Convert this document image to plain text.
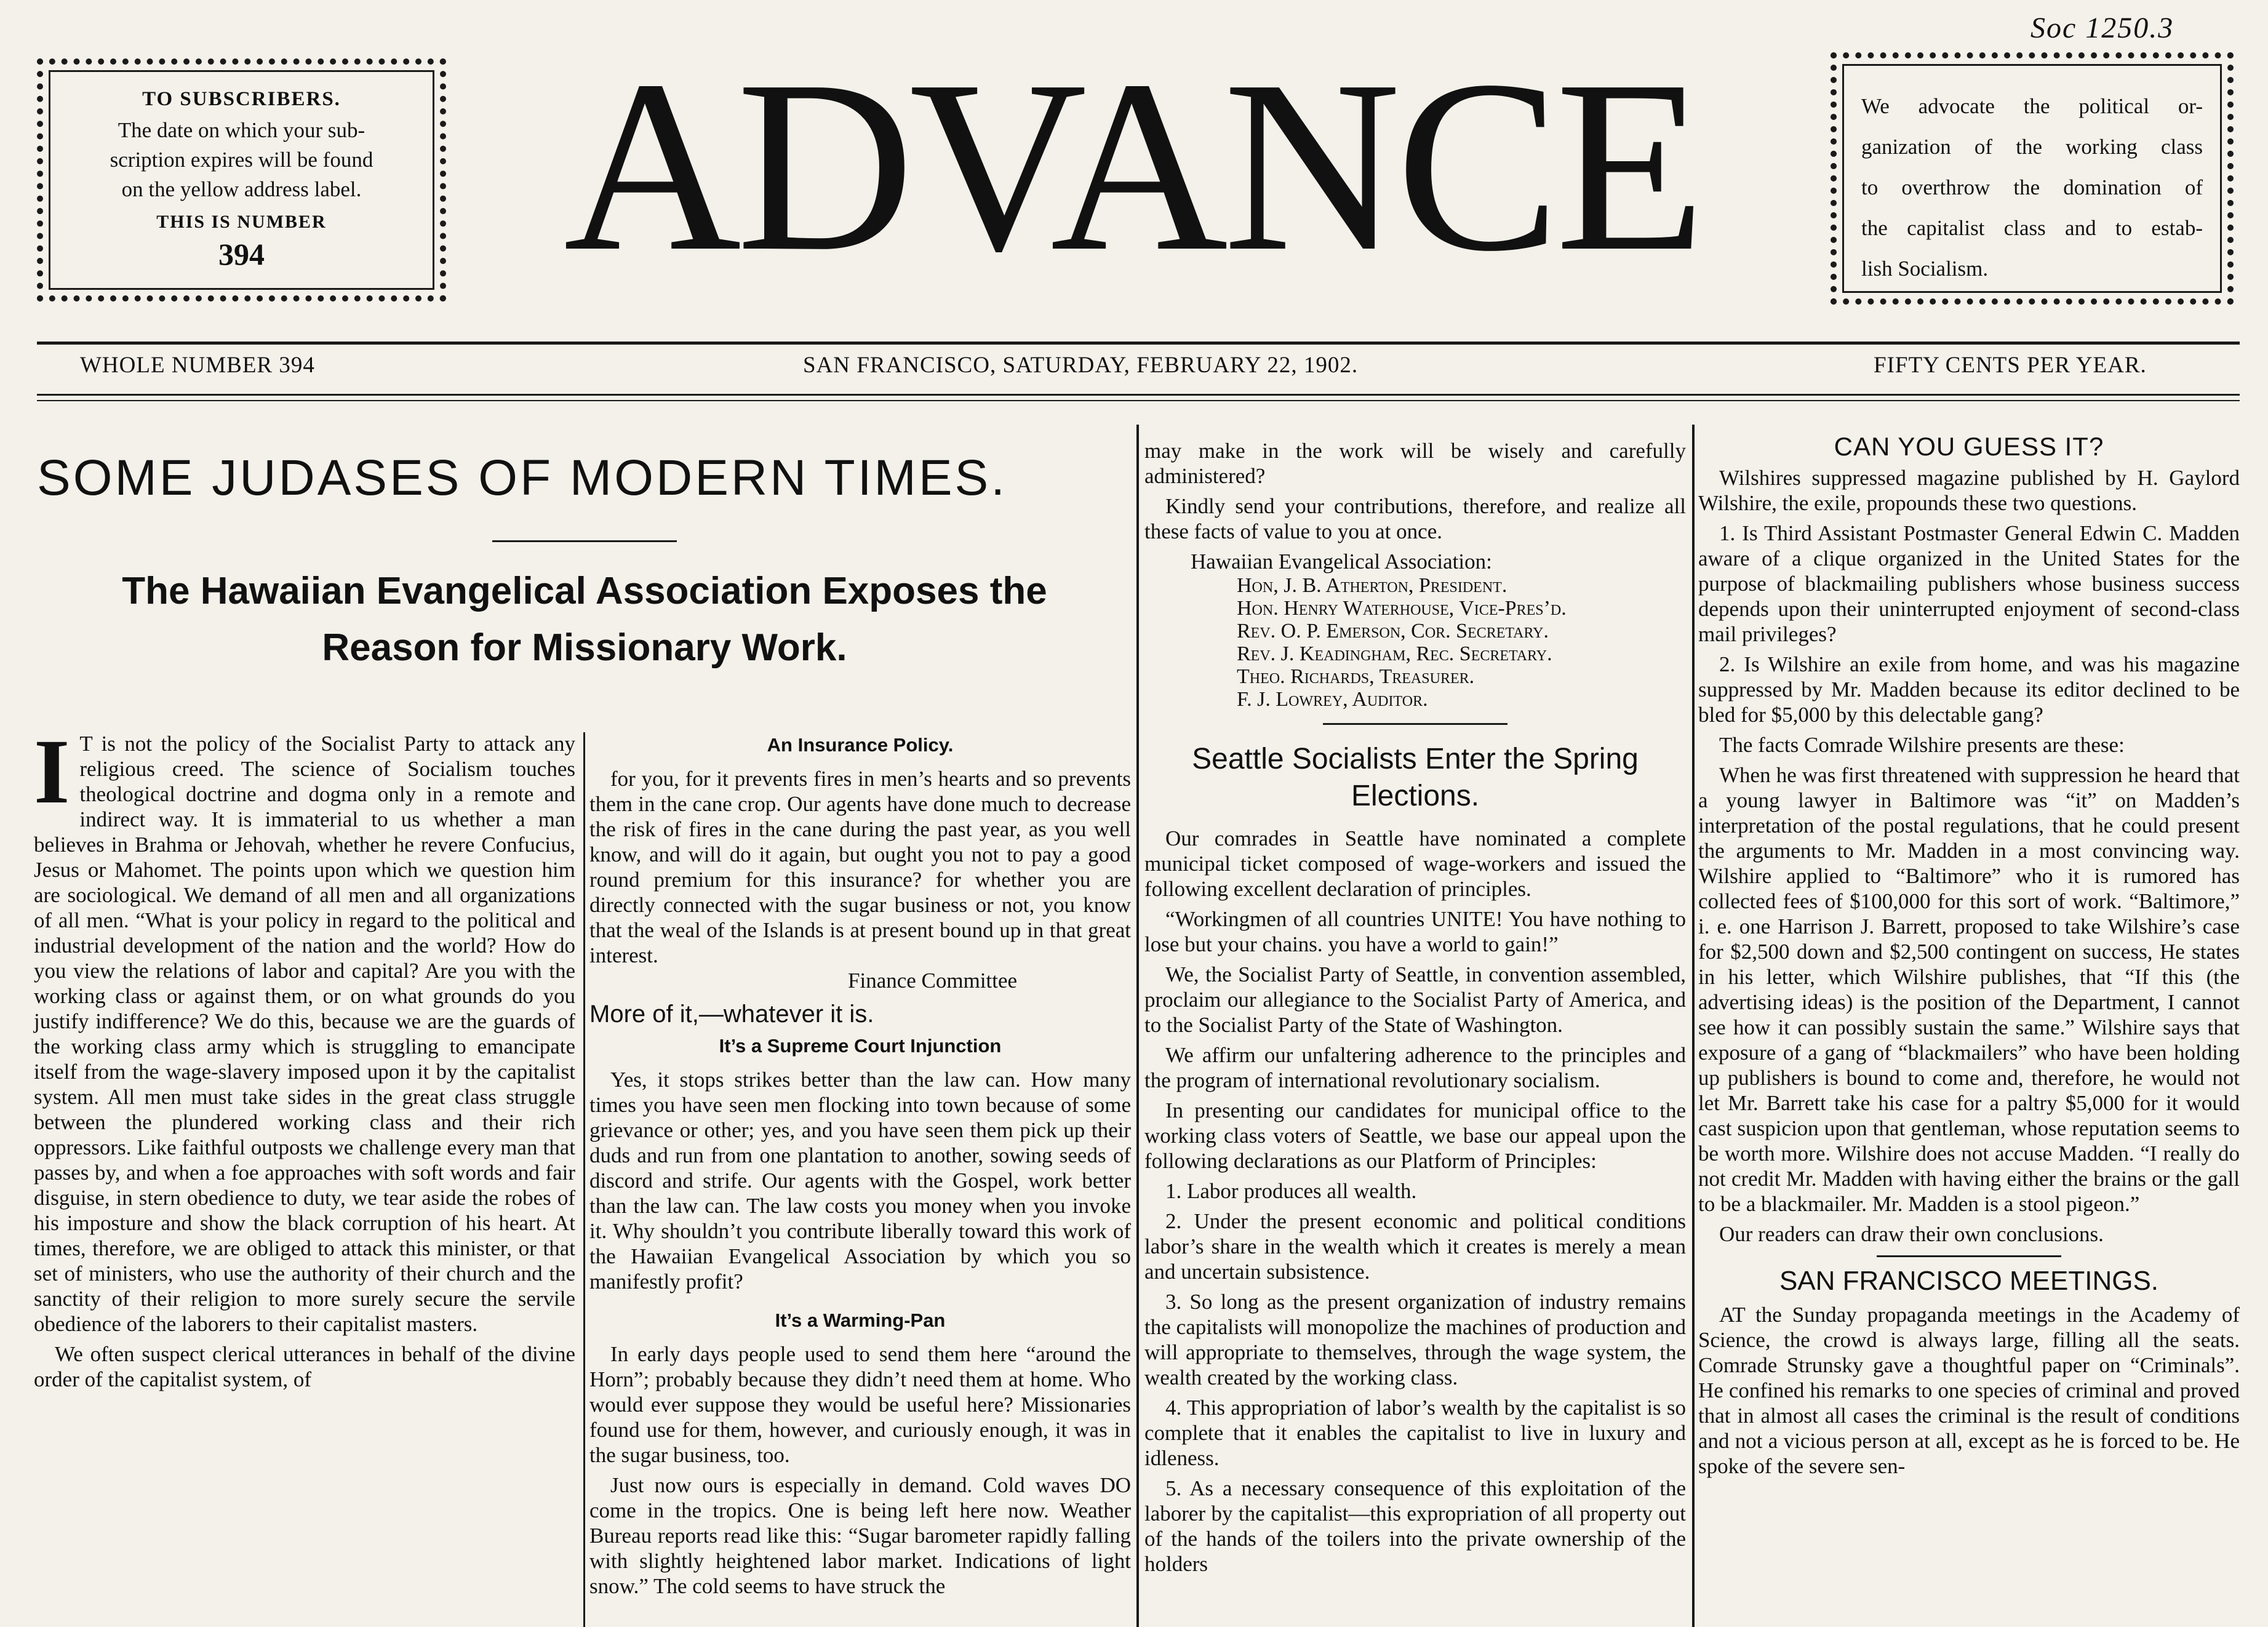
Soc 1250.3
TO SUBSCRIBERS.
The date on which your sub-
scription expires will be found
on the yellow address label.
THIS IS NUMBER
394	ADVANCE	We advocate the political or-
ganization of the working class
to overthrow the domination of
the capitalist class and to estab-
lish Socialism.
WHOLE NUMBER 394	SAN FRANCISCO, SATURDAY, FEBRUARY 22, 1902.	FIFTY CENTS PER YEAR.
SOME JUDASES OF MODERN TIMES.
The Hawaiian Evangelical Association Exposes the
Reason for Missionary Work.
I T is not the policy of the Socialist Party to attack any religious creed. The science of Socialism touches theological doctrine and dogma only in a remote and indirect way. It is immaterial to us whether a man believes in Brahma or Jehovah, whether he revere Confucius, Jesus or Mahomet. The points upon which we question him are sociological. We demand of all men and all organizations of all men. “What is your policy in regard to the political and industrial development of the nation and the world? How do you view the relations of labor and capital? Are you with the working class or against them, or on what grounds do you justify indifference? We do this, because we are the guards of the working class army which is struggling to emancipate itself from the wage-slavery imposed upon it by the capitalist system. All men must take sides in the great class struggle between the plundered working class and their rich oppressors. Like faithful outposts we challenge every man that passes by, and when a foe approaches with soft words and fair disguise, in stern obedience to duty, we tear aside the robes of his imposture and show the black corruption of his heart. At times, therefore, we are obliged to attack this minister, or that set of ministers, who use the authority of their church and the sanctity of their religion to more surely secure the servile obedience of the laborers to their capitalist masters.

We often suspect clerical utterances in behalf of the divine order of the capitalist system, of

An Insurance Policy.

for you, for it prevents fires in men’s hearts and so prevents them in the cane crop. Our agents have done much to decrease the risk of fires in the cane during the past year, as you well know, and will do it again, but ought you not to pay a good round premium for this insurance? for whether you are directly connected with the sugar business or not, you know that the weal of the Islands is at present bound up in that great interest.

Finance Committee
More of it,—whatever it is.
It’s a Supreme Court Injunction

Yes, it stops strikes better than the law can. How many times you have seen men flocking into town because of some grievance or other; yes, and you have seen them pick up their duds and run from one plantation to another, sowing seeds of discord and strife. Our agents with the Gospel, work better than the law can. The law costs you money when you invoke it. Why shouldn’t you contribute liberally toward this work of the Hawaiian Evangelical Association by which you so manifestly profit?

It’s a Warming-Pan

In early days people used to send them here “around the Horn”; probably because they didn’t need them at home. Who would ever suppose they would be useful here? Missionaries found use for them, however, and curiously enough, it was in the sugar business, too.

Just now ours is especially in demand. Cold waves DO come in the tropics. One is being left here now. Weather Bureau reports read like this: “Sugar barometer rapidly falling with slightly heightened labor market. Indications of light snow.” The cold seems to have struck the

may make in the work will be wisely and carefully administered?

Kindly send your contributions, therefore, and realize all these facts of value to you at once.

Hawaiian Evangelical Association:
Hon, J. B. Atherton, President.
Hon. Henry Waterhouse, Vice-Pres’d.
Rev. O. P. Emerson, Cor. Secretary.
Rev. J. Keadingham, Rec. Secretary.
Theo. Richards, Treasurer.
F. J. Lowrey, Auditor.
Seattle Socialists Enter the Spring Elections.

Our comrades in Seattle have nominated a complete municipal ticket composed of wage-workers and issued the following excellent declaration of principles.

“Workingmen of all countries UNITE! You have nothing to lose but your chains. you have a world to gain!”

We, the Socialist Party of Seattle, in convention assembled, proclaim our allegiance to the Socialist Party of America, and to the Socialist Party of the State of Washington.

We affirm our unfaltering adherence to the principles and the program of international revolutionary socialism.

In presenting our candidates for municipal office to the working class voters of Seattle, we base our appeal upon the following declarations as our Platform of Principles:

1. Labor produces all wealth.

2. Under the present economic and political conditions labor’s share in the wealth which it creates is merely a mean and uncertain subsistence.

3. So long as the present organization of industry remains the capitalists will monopolize the machines of production and will appropriate to themselves, through the wage system, the wealth created by the working class.

4. This appropriation of labor’s wealth by the capitalist is so complete that it enables the capitalist to live in luxury and idleness.

5. As a necessary consequence of this exploitation of the laborer by the capitalist—this expropriation of all property out of the hands of the toilers into the private ownership of the holders

CAN YOU GUESS IT?

Wilshires suppressed magazine published by H. Gaylord Wilshire, the exile, propounds these two questions.

1. Is Third Assistant Postmaster General Edwin C. Madden aware of a clique organized in the United States for the purpose of blackmailing publishers whose business success depends upon their uninterrupted enjoyment of second-class mail privileges?

2. Is Wilshire an exile from home, and was his magazine suppressed by Mr. Madden because its editor declined to be bled for $5,000 by this delectable gang?

The facts Comrade Wilshire presents are these:

When he was first threatened with suppression he heard that a young lawyer in Baltimore was “it” on Madden’s interpretation of the postal regulations, that he could present the arguments to Mr. Madden in a most convincing way. Wilshire applied to “Baltimore” who it is rumored has collected fees of $100,000 for this sort of work. “Baltimore,” i. e. one Harrison J. Barrett, proposed to take Wilshire’s case for $2,500 down and $2,500 contingent on success, He states in his letter, which Wilshire publishes, that “If this (the advertising ideas) is the position of the Department, I cannot see how it can possibly sustain the same.” Wilshire says that exposure of a gang of “blackmailers” who have been holding up publishers is bound to come and, therefore, he would not let Mr. Barrett take his case for a paltry $5,000 for it would cast suspicion upon that gentleman, whose reputation seems to be worth more. Wilshire does not accuse Madden. “I really do not credit Mr. Madden with having either the brains or the gall to be a blackmailer. Mr. Madden is a stool pigeon.”

Our readers can draw their own conclusions.

SAN FRANCISCO MEETINGS.

AT the Sunday propaganda meetings in the Academy of Science, the crowd is always large, filling all the seats. Comrade Strunsky gave a thoughtful paper on “Criminals”. He confined his remarks to one species of criminal and proved that in almost all cases the criminal is the result of conditions and not a vicious person at all, except as he is forced to be. He spoke of the severe sen-
